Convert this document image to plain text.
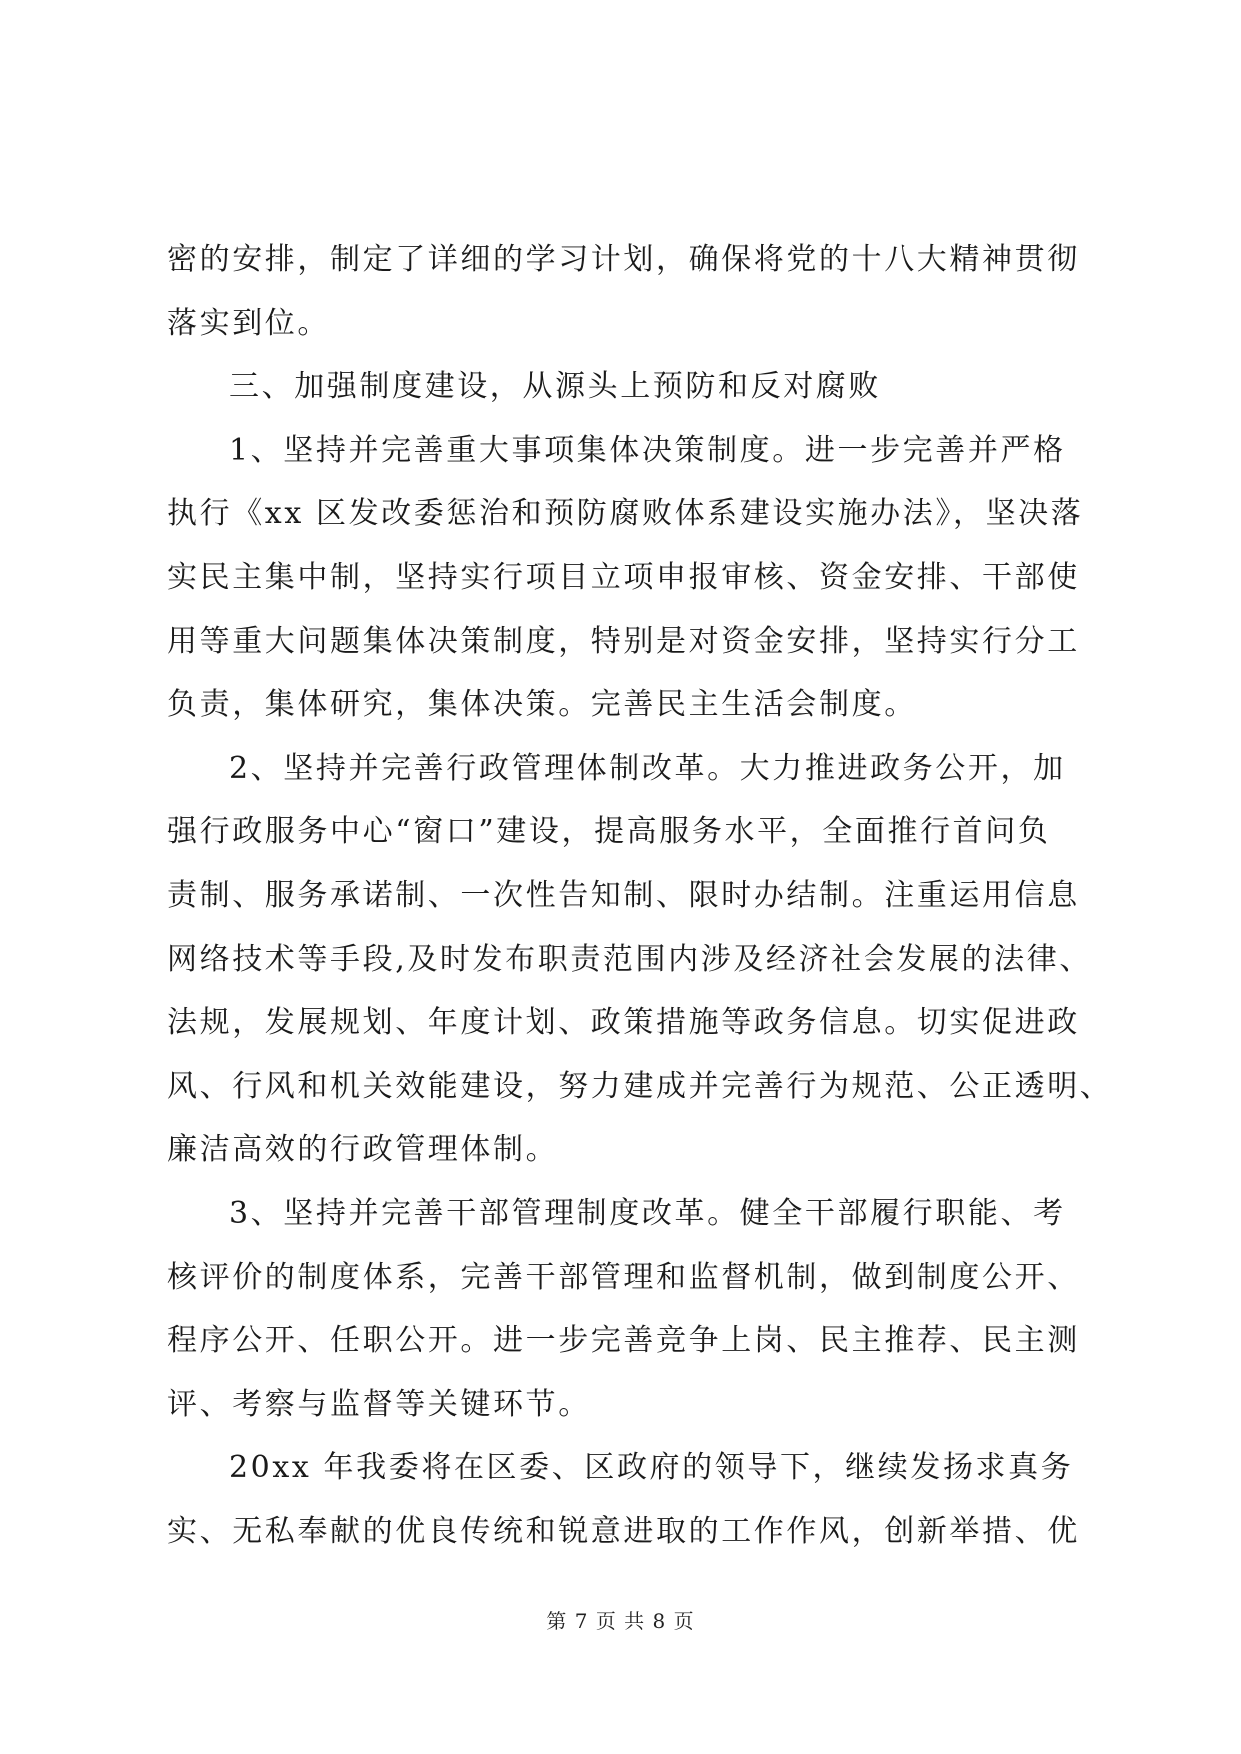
密的安排，制定了详细的学习计划，确保将党的十八大精神贯彻
落实到位。
三、加强制度建设，从源头上预防和反对腐败
1、坚持并完善重大事项集体决策制度。进一步完善并严格
执行《xx 区发改委惩治和预防腐败体系建设实施办法》，坚决落
实民主集中制，坚持实行项目立项申报审核、资金安排、干部使
用等重大问题集体决策制度，特别是对资金安排，坚持实行分工
负责，集体研究，集体决策。完善民主生活会制度。
2、坚持并完善行政管理体制改革。大力推进政务公开，加
强行政服务中心“窗口”建设，提高服务水平，全面推行首问负
责制、服务承诺制、一次性告知制、限时办结制。注重运用信息
网络技术等手段,及时发布职责范围内涉及经济社会发展的法律、
法规，发展规划、年度计划、政策措施等政务信息。切实促进政
风、行风和机关效能建设，努力建成并完善行为规范、公正透明、
廉洁高效的行政管理体制。
3、坚持并完善干部管理制度改革。健全干部履行职能、考
核评价的制度体系，完善干部管理和监督机制，做到制度公开、
程序公开、任职公开。进一步完善竞争上岗、民主推荐、民主测
评、考察与监督等关键环节。
20xx 年我委将在区委、区政府的领导下，继续发扬求真务
实、无私奉献的优良传统和锐意进取的工作作风，创新举措、优
第 7 页 共 8 页
